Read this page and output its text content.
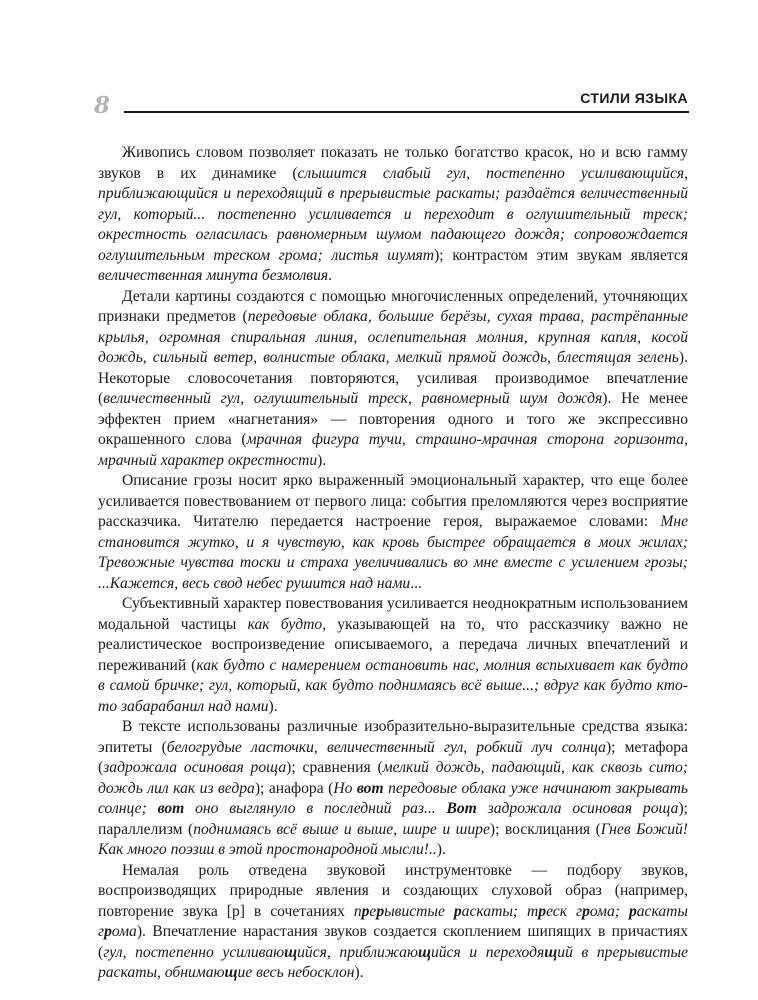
8	СТИЛИ ЯЗЫКА

Живопись словом позволяет показать не только богатство красок, но и всю гамму звуков в их динамике (слышится слабый гул, постепенно усиливающийся, приближающийся и переходящий в прерывистые раскаты; раздаётся величественный гул, который... постепенно усиливается и переходит в оглушительный треск; окрестность огласилась равномерным шумом падающего дождя; сопровождается оглушительным треском грома; листья шумят); контрастом этим звукам является величественная минута безмолвия.

Детали картины создаются с помощью многочисленных определений, уточняющих признаки предметов (передовые облака, большие берёзы, сухая трава, растрёпанные крылья, огромная спиральная линия, ослепительная молния, крупная капля, косой дождь, сильный ветер, волнистые облака, мелкий прямой дождь, блестящая зелень). Некоторые словосочетания повторяются, усиливая производимое впечатление (величественный гул, оглушительный треск, равномерный шум дождя). Не менее эффектен прием «нагнетания» — повторения одного и того же экспрессивно окрашенного слова (мрачная фигура тучи, страшно-мрачная сторона горизонта, мрачный характер окрестности).

Описание грозы носит ярко выраженный эмоциональный характер, что еще более усиливается повествованием от первого лица: события преломляются через восприятие рассказчика. Читателю передается настроение героя, выражаемое словами: Мне становится жутко, и я чувствую, как кровь быстрее обращается в моих жилах; Тревожные чувства тоски и страха увеличивались во мне вместе с усилением грозы; ...Кажется, весь свод небес рушится над нами...

Субъективный характер повествования усиливается неоднократным использованием модальной частицы как будто, указывающей на то, что рассказчику важно не реалистическое воспроизведение описываемого, а передача личных впечатлений и переживаний (как будто с намерением остановить нас, молния вспыхивает как будто в самой бричке; гул, который, как будто поднимаясь всё выше...; вдруг как будто кто-то забарабанил над нами).

В тексте использованы различные изобразительно-выразительные средства языка: эпитеты (белогрудые ласточки, величественный гул, робкий луч солнца); метафора (задрожала осиновая роща); сравнения (мелкий дождь, падающий, как сквозь сито; дождь лил как из ведра); анафора (Но вот передовые облака уже начинают закрывать солнце; вот оно выглянуло в последний раз... Вот задрожала осиновая роща); параллелизм (поднимаясь всё выше и выше, шире и шире); восклицания (Гнев Божий! Как много поэзии в этой простонародной мысли!..).

Немалая роль отведена звуковой инструментовке — подбору звуков, воспроизводящих природные явления и создающих слуховой образ (например, повторение звука [р] в сочетаниях прерывистые раскаты; треск грома; раскаты грома). Впечатление нарастания звуков создается скоплением шипящих в причастиях (гул, постепенно усиливающийся, приближающийся и переходящий в прерывистые раскаты, обнимающие весь небосклон).
